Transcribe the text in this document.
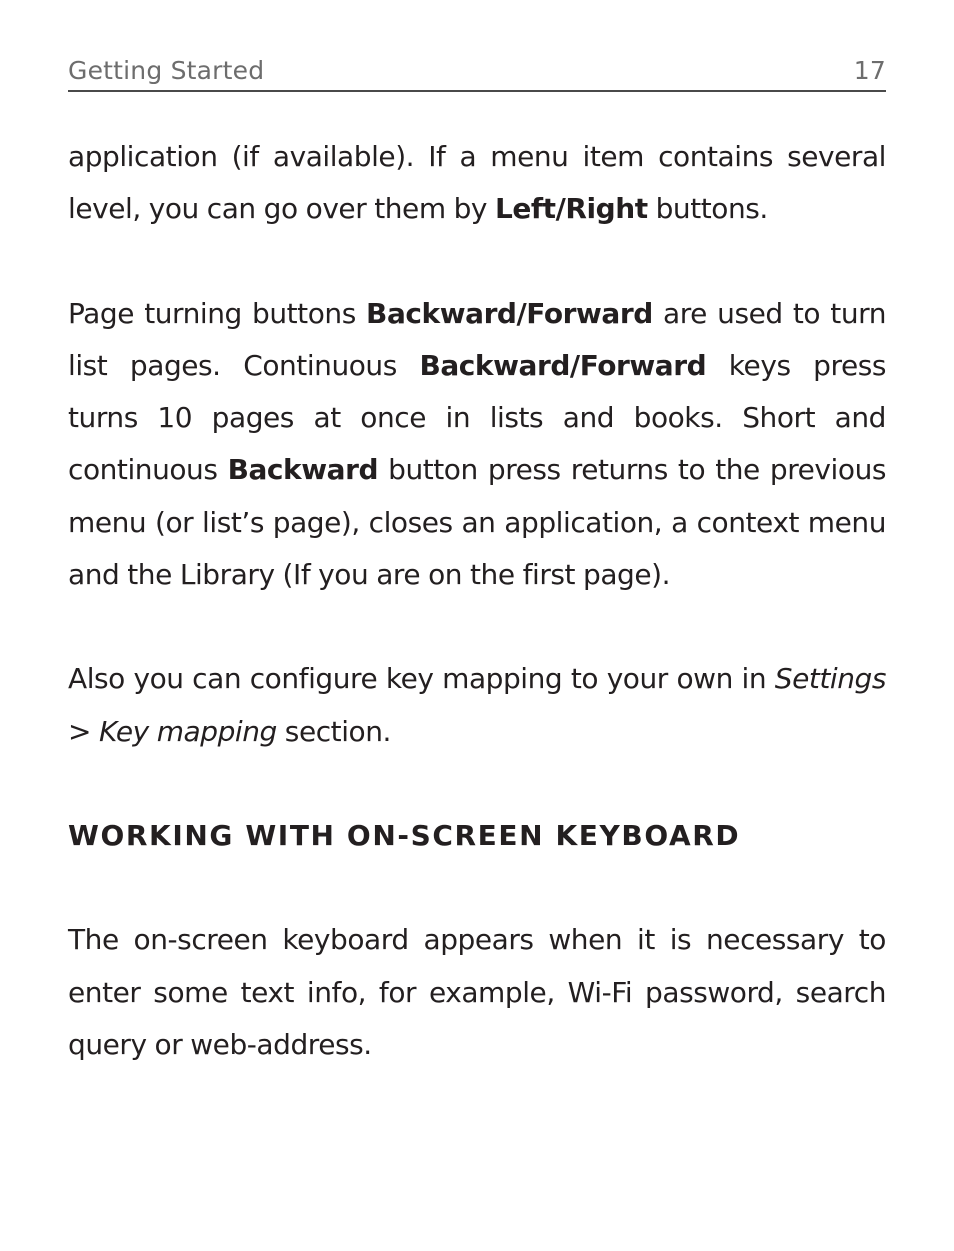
Getting Started	17

application (if available). If a menu item contains several level, you can go over them by Left/Right buttons.

Page turning buttons Backward/Forward are used to turn list pages. Continuous Backward/Forward keys press turns 10 pages at once in lists and books. Short and continuous Backward button press returns to the previous menu (or list’s page), closes an application, a context menu and the Library (If you are on the first page).

Also you can configure key mapping to your own in Settings > Key mapping section.

WORKING WITH ON-SCREEN KEYBOARD

The on-screen keyboard appears when it is necessary to enter some text info, for example, Wi-Fi password, search query or web-address.
